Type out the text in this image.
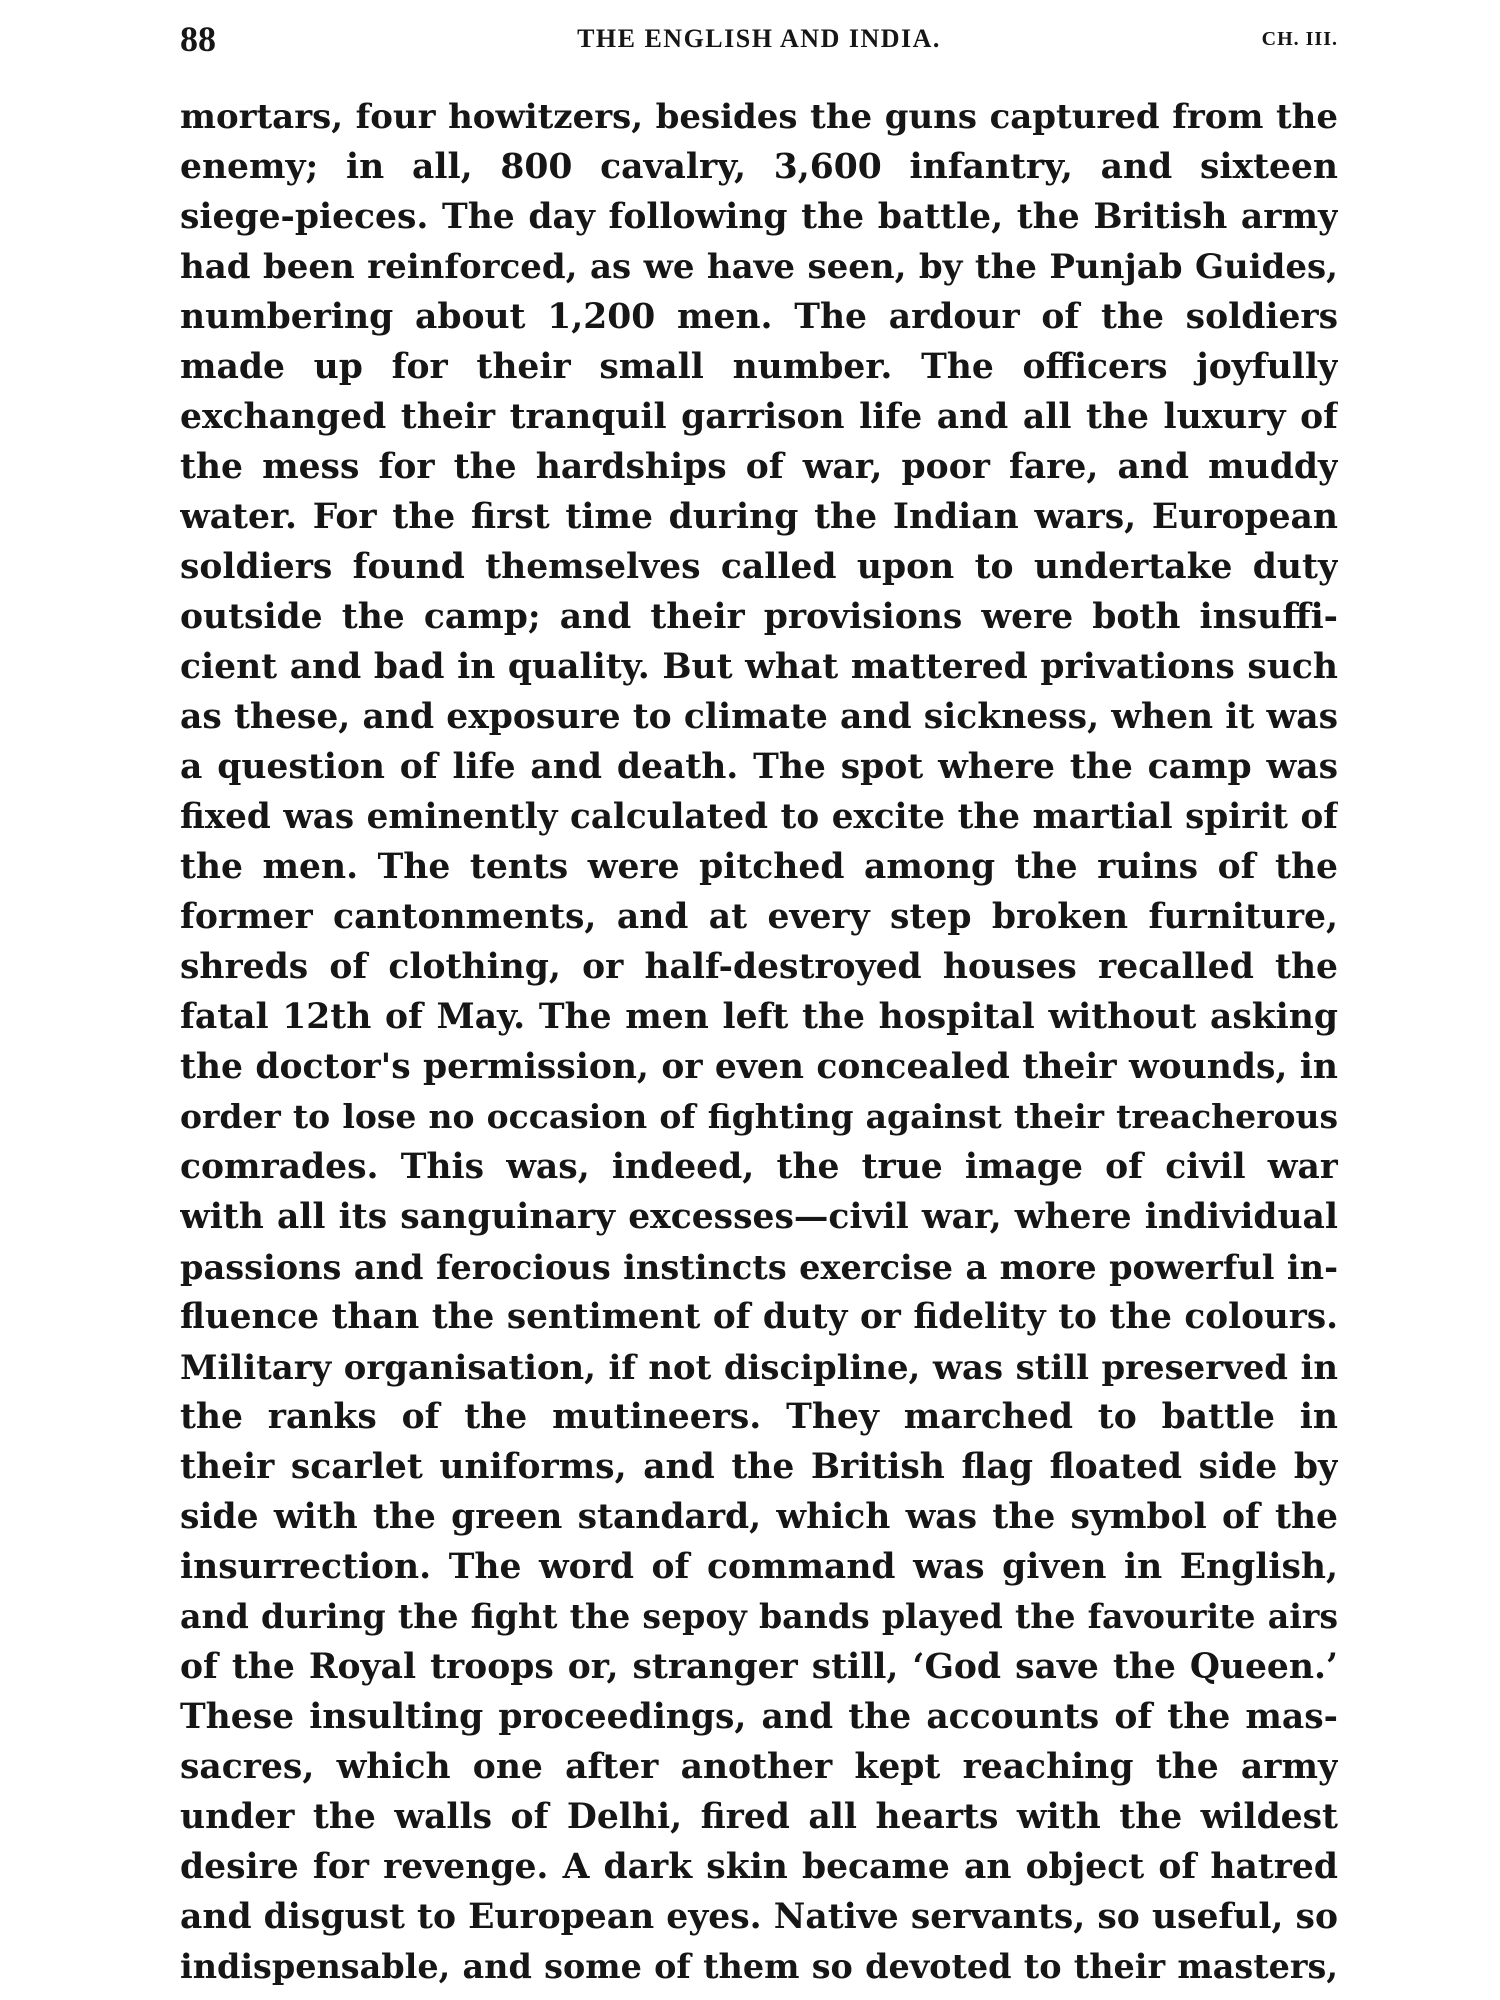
88	THE ENGLISH AND INDIA.	CH. III.
mortars, four howitzers, besides the guns captured from the
enemy; in all, 800 cavalry, 3,600 infantry, and sixteen
siege-pieces. The day following the battle, the British army
had been reinforced, as we have seen, by the Punjab Guides,
numbering about 1,200 men. The ardour of the soldiers
made up for their small number. The officers joyfully
exchanged their tranquil garrison life and all the luxury of
the mess for the hardships of war, poor fare, and muddy
water. For the first time during the Indian wars, European
soldiers found themselves called upon to undertake duty
outside the camp; and their provisions were both insuffi-
cient and bad in quality. But what mattered privations such
as these, and exposure to climate and sickness, when it was
a question of life and death. The spot where the camp was
fixed was eminently calculated to excite the martial spirit of
the men. The tents were pitched among the ruins of the
former cantonments, and at every step broken furniture,
shreds of clothing, or half-destroyed houses recalled the
fatal 12th of May. The men left the hospital without asking
the doctor's permission, or even concealed their wounds, in
order to lose no occasion of fighting against their treacherous
comrades. This was, indeed, the true image of civil war
with all its sanguinary excesses—civil war, where individual
passions and ferocious instincts exercise a more powerful in-
fluence than the sentiment of duty or fidelity to the colours.
Military organisation, if not discipline, was still preserved in
the ranks of the mutineers. They marched to battle in
their scarlet uniforms, and the British flag floated side by
side with the green standard, which was the symbol of the
insurrection. The word of command was given in English,
and during the fight the sepoy bands played the favourite airs
of the Royal troops or, stranger still, ‘God save the Queen.’
These insulting proceedings, and the accounts of the mas-
sacres, which one after another kept reaching the army
under the walls of Delhi, fired all hearts with the wildest
desire for revenge. A dark skin became an object of hatred
and disgust to European eyes. Native servants, so useful, so
indispensable, and some of them so devoted to their masters,
